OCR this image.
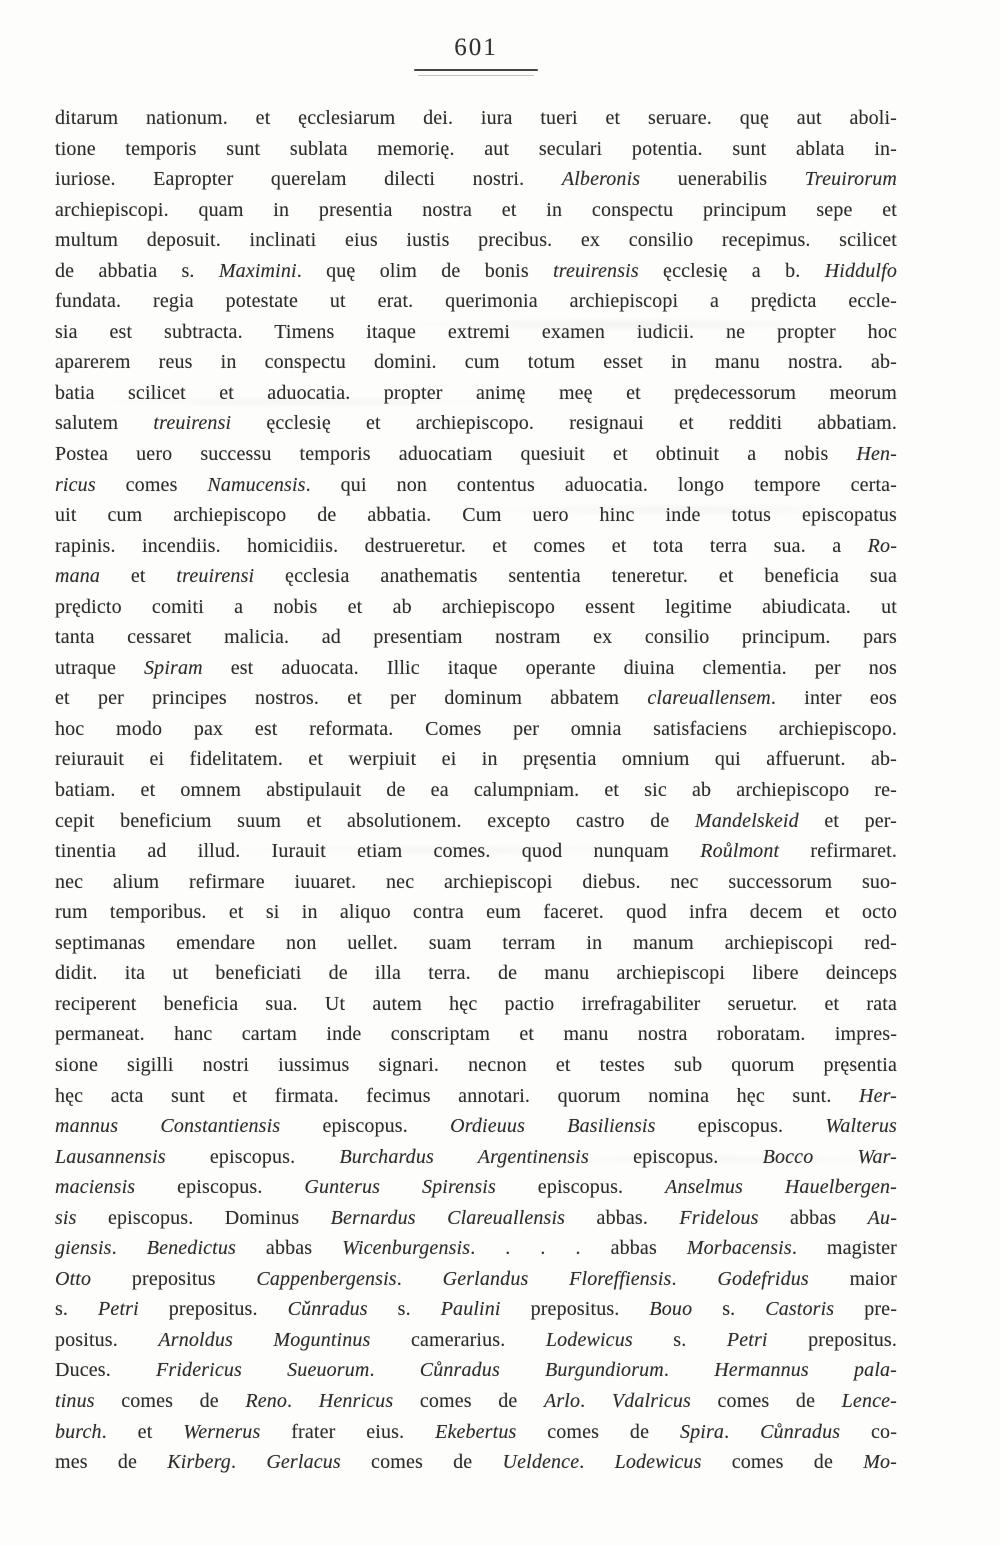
601
ditarum nationum. et ęcclesiarum dei. iura tueri et seruare. quę aut aboli-
tione temporis sunt sublata memorię. aut seculari potentia. sunt ablata in-
iuriose. Eapropter querelam dilecti nostri. Alberonis uenerabilis Treuirorum
archiepiscopi. quam in presentia nostra et in conspectu principum sepe et
multum deposuit. inclinati eius iustis precibus. ex consilio recepimus. scilicet
de abbatia s. Maximini. quę olim de bonis treuirensis ęcclesię a b. Hiddulfo
fundata. regia potestate ut erat. querimonia archiepiscopi a prędicta eccle-
sia est subtracta. Timens itaque extremi examen iudicii. ne propter hoc
aparerem reus in conspectu domini. cum totum esset in manu nostra. ab-
batia scilicet et aduocatia. propter animę meę et prędecessorum meorum
salutem treuirensi ęcclesię et archiepiscopo. resignaui et redditi abbatiam.
Postea uero successu temporis aduocatiam quesiuit et obtinuit a nobis Hen-
ricus comes Namucensis. qui non contentus aduocatia. longo tempore certa-
uit cum archiepiscopo de abbatia. Cum uero hinc inde totus episcopatus
rapinis. incendiis. homicidiis. destrueretur. et comes et tota terra sua. a Ro-
mana et treuirensi ęcclesia anathematis sententia teneretur. et beneficia sua
prędicto comiti a nobis et ab archiepiscopo essent legitime abiudicata. ut
tanta cessaret malicia. ad presentiam nostram ex consilio principum. pars
utraque Spiram est aduocata. Illic itaque operante diuina clementia. per nos
et per principes nostros. et per dominum abbatem clareuallensem. inter eos
hoc modo pax est reformata. Comes per omnia satisfaciens archiepiscopo.
reiurauit ei fidelitatem. et werpiuit ei in pręsentia omnium qui affuerunt. ab-
batiam. et omnem abstipulauit de ea calumpniam. et sic ab archiepiscopo re-
cepit beneficium suum et absolutionem. excepto castro de Mandelskeid et per-
tinentia ad illud. Iurauit etiam comes. quod nunquam Roůlmont refirmaret.
nec alium refirmare iuuaret. nec archiepiscopi diebus. nec successorum suo-
rum temporibus. et si in aliquo contra eum faceret. quod infra decem et octo
septimanas emendare non uellet. suam terram in manum archiepiscopi red-
didit. ita ut beneficiati de illa terra. de manu archiepiscopi libere deinceps
reciperent beneficia sua. Ut autem hęc pactio irrefragabiliter seruetur. et rata
permaneat. hanc cartam inde conscriptam et manu nostra roboratam. impres-
sione sigilli nostri iussimus signari. necnon et testes sub quorum pręsentia
hęc acta sunt et firmata. fecimus annotari. quorum nomina hęc sunt. Her-
mannus Constantiensis episcopus. Ordieuus Basiliensis episcopus. Walterus
Lausannensis episcopus. Burchardus Argentinensis episcopus. Bocco War-
maciensis episcopus. Gunterus Spirensis episcopus. Anselmus Hauelbergen-
sis episcopus. Dominus Bernardus Clareuallensis abbas. Fridelous abbas Au-
giensis. Benedictus abbas Wicenburgensis. . . . abbas Morbacensis. magister
Otto prepositus Cappenbergensis. Gerlandus Floreffiensis. Godefridus maior
s. Petri prepositus. Cǔnradus s. Paulini prepositus. Bouo s. Castoris pre-
positus. Arnoldus Moguntinus camerarius. Lodewicus s. Petri prepositus.
Duces. Fridericus Sueuorum. Cůnradus Burgundiorum. Hermannus pala-
tinus comes de Reno. Henricus comes de Arlo. Vdalricus comes de Lence-
burch. et Wernerus frater eius. Ekebertus comes de Spira. Cůnradus co-
mes de Kirberg. Gerlacus comes de Ueldence. Lodewicus comes de Mo-
